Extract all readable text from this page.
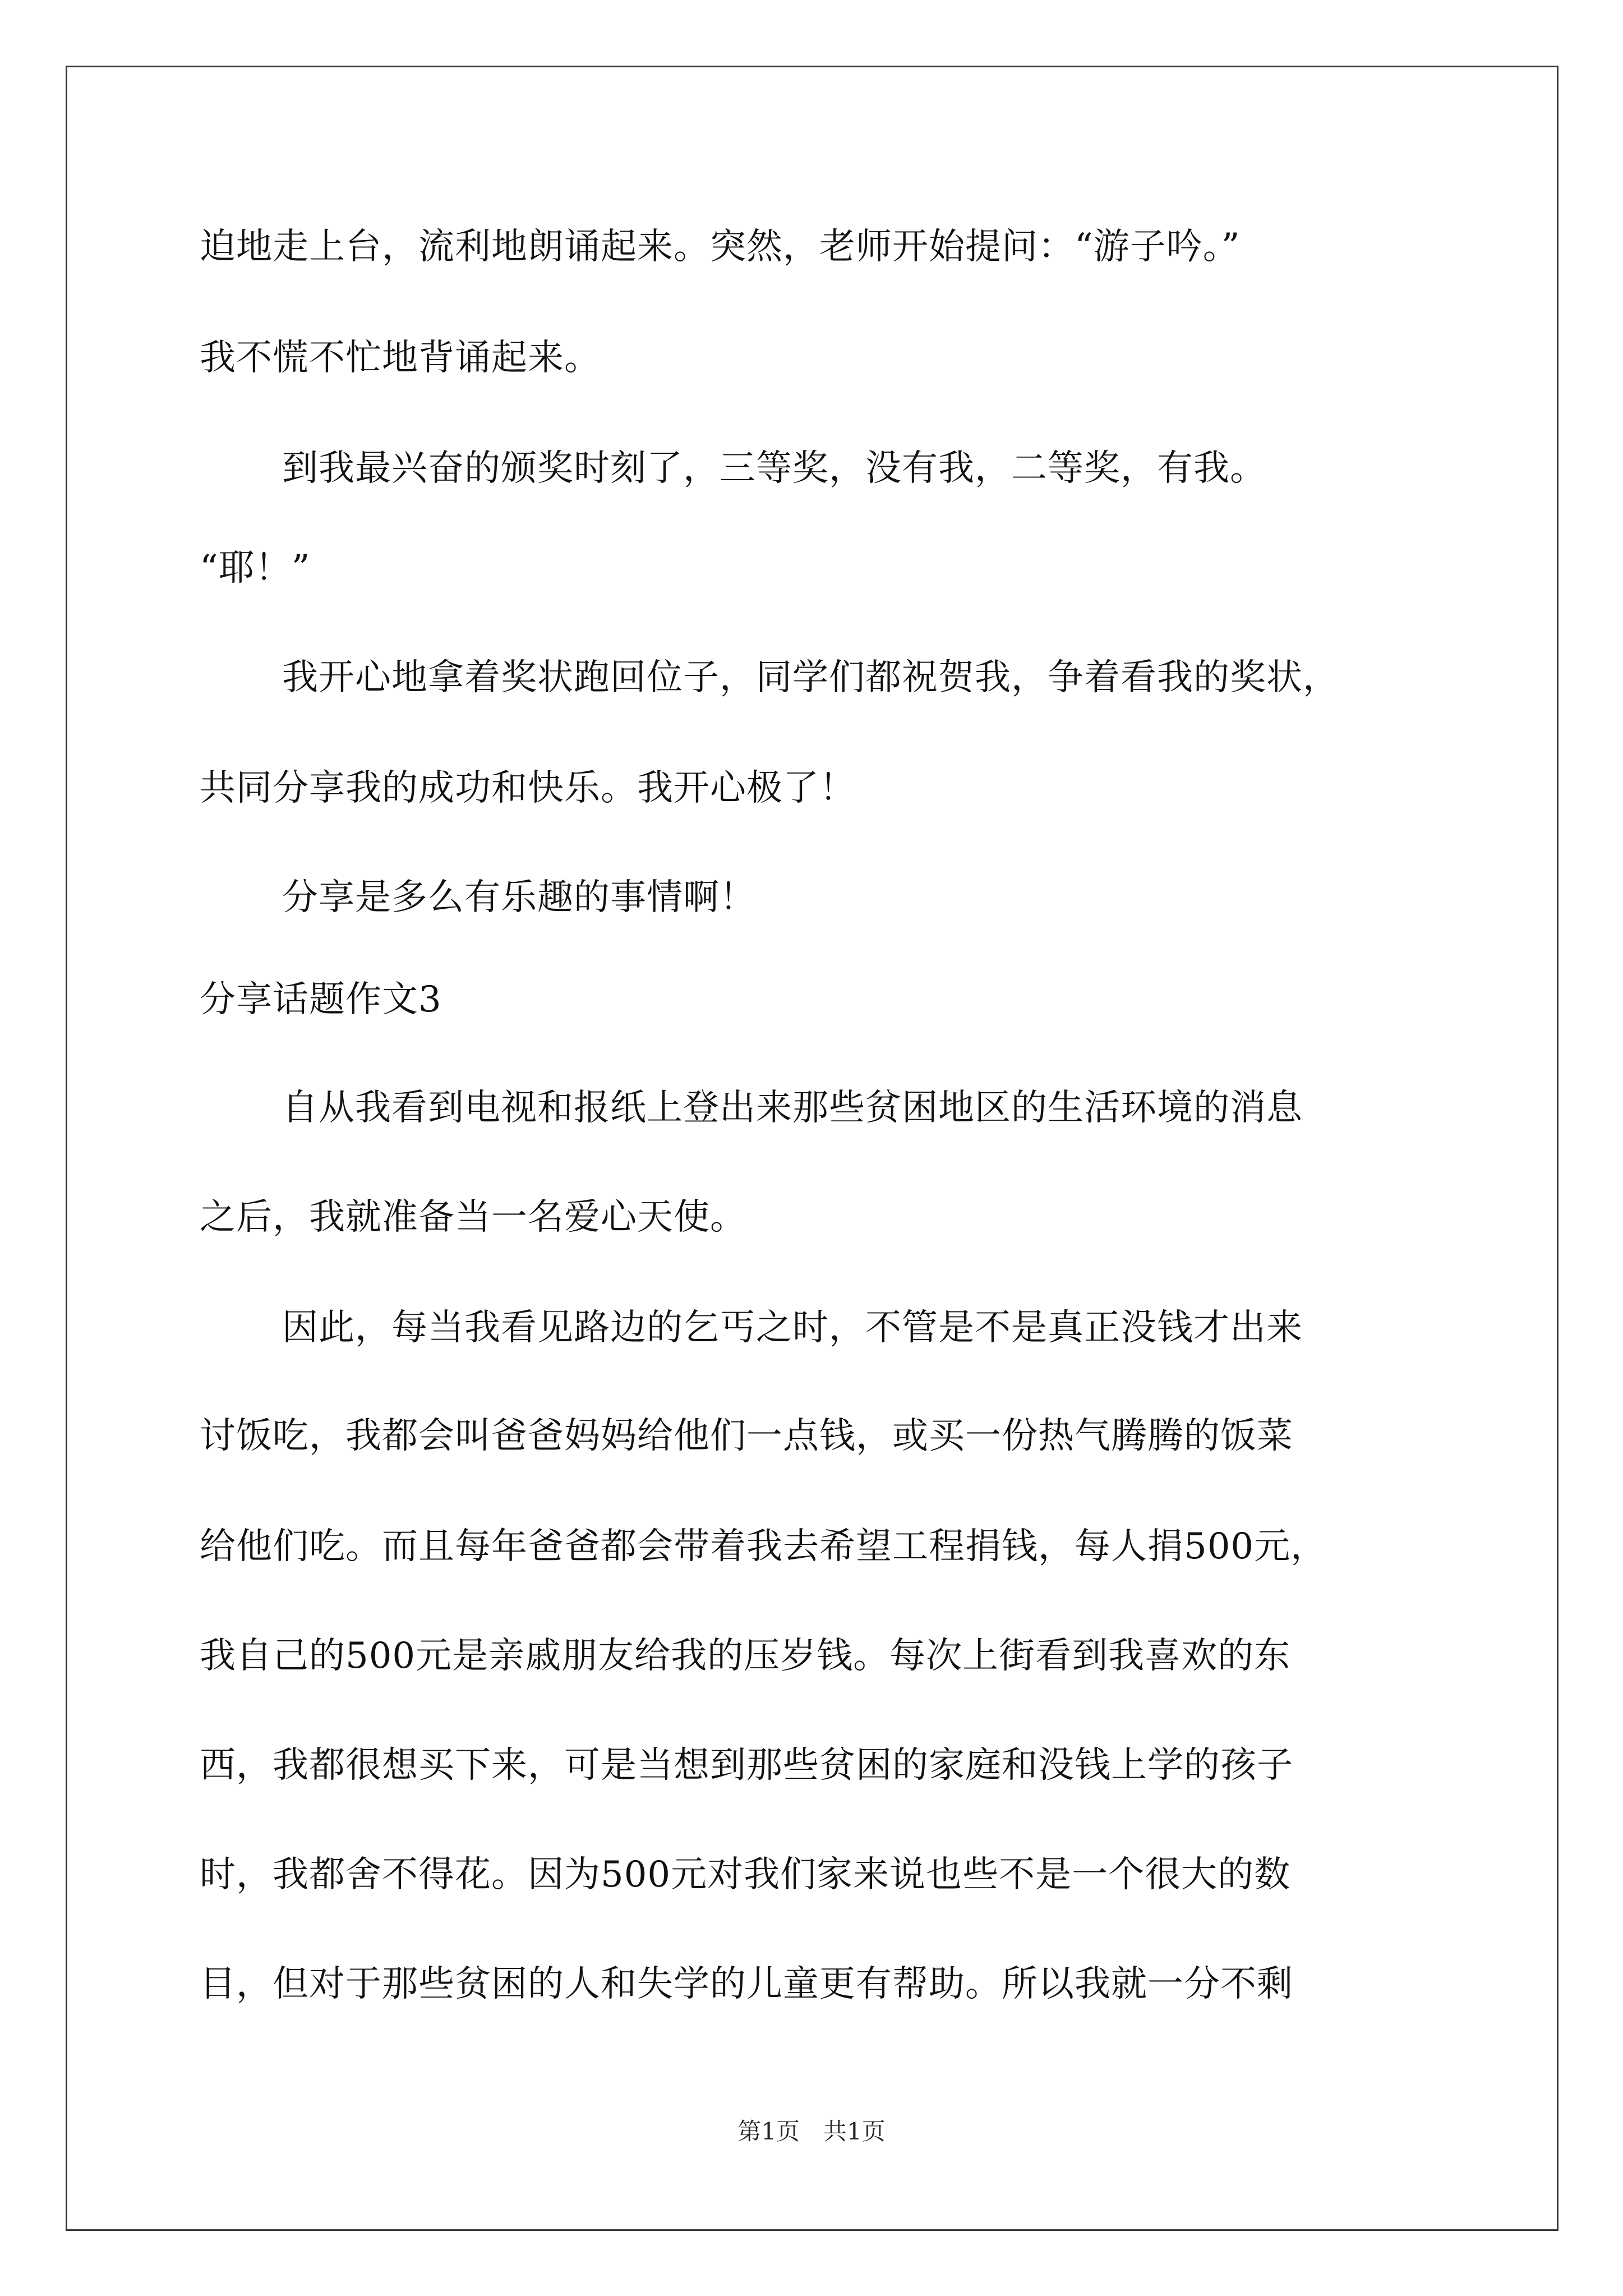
迫地走上台，流利地朗诵起来。突然，老师开始提问：“游子吟。”
我不慌不忙地背诵起来。
到我最兴奋的颁奖时刻了，三等奖，没有我，二等奖，有我。
“耶！”
我开心地拿着奖状跑回位子，同学们都祝贺我，争着看我的奖状，
共同分享我的成功和快乐。我开心极了！
分享是多么有乐趣的事情啊！
分享话题作文3
自从我看到电视和报纸上登出来那些贫困地区的生活环境的消息
之后，我就准备当一名爱心天使。
因此，每当我看见路边的乞丐之时，不管是不是真正没钱才出来
讨饭吃，我都会叫爸爸妈妈给他们一点钱，或买一份热气腾腾的饭菜
给他们吃。而且每年爸爸都会带着我去希望工程捐钱，每人捐500元，
我自己的500元是亲戚朋友给我的压岁钱。每次上街看到我喜欢的东
西，我都很想买下来，可是当想到那些贫困的家庭和没钱上学的孩子
时，我都舍不得花。因为500元对我们家来说也些不是一个很大的数
目，但对于那些贫困的人和失学的儿童更有帮助。所以我就一分不剩
第1页　共1页
